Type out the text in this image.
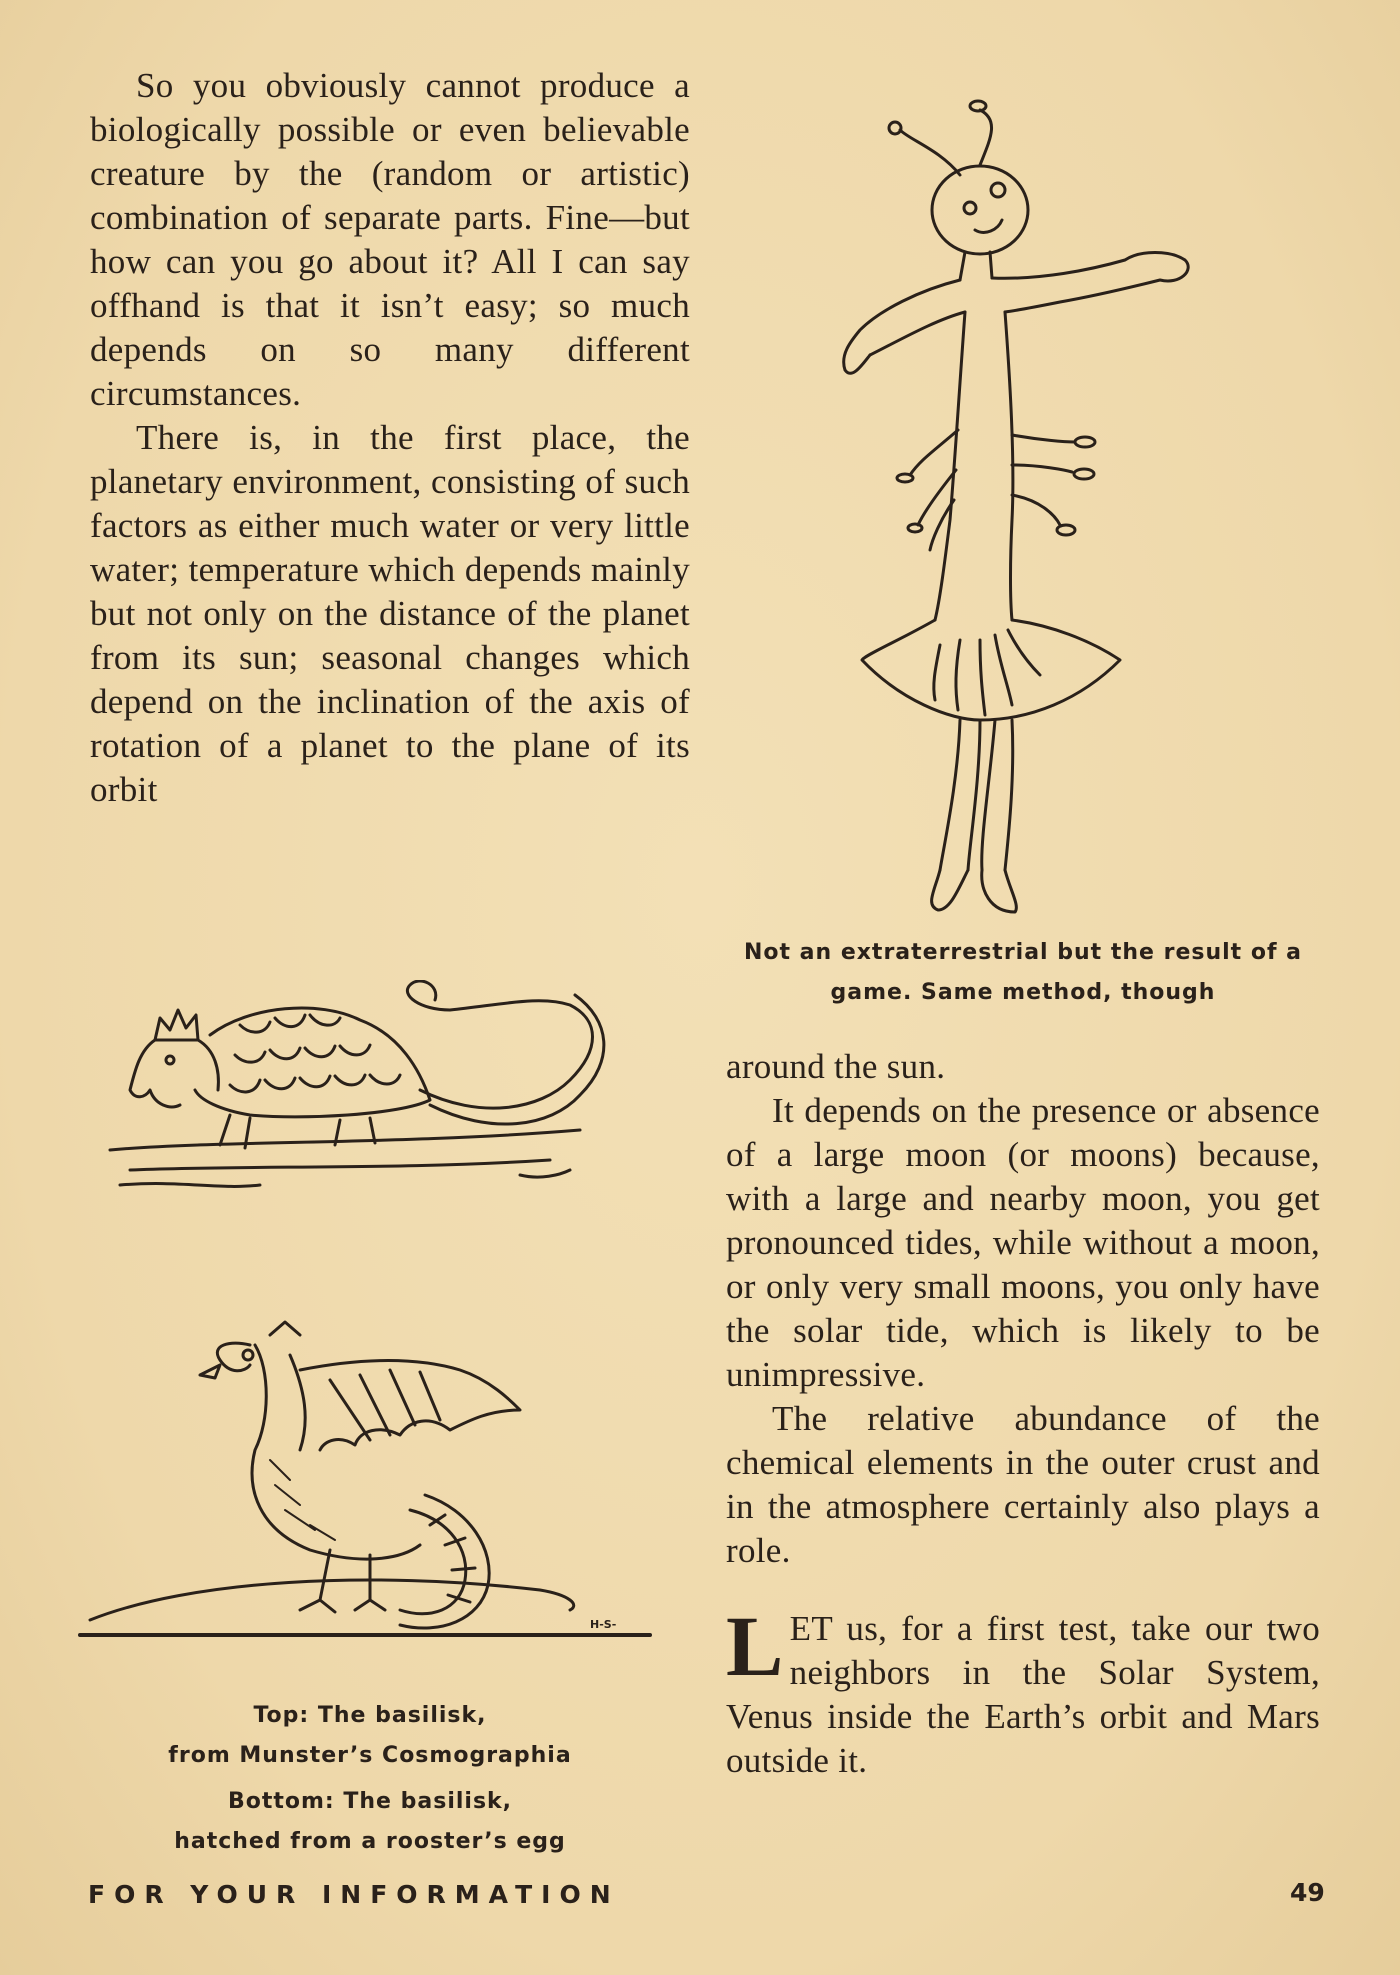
So you obviously cannot produce a biologically possible or even believable creature by the (random or artistic) combination of separate parts. Fine—but how can you go about it? All I can say offhand is that it isn’t easy; so much depends on so many different circumstances.

There is, in the first place, the planetary environment, consisting of such factors as either much water or very little water; temperature which depends mainly but not only on the distance of the planet from its sun; seasonal changes which depend on the inclination of the axis of rotation of a planet to the plane of its orbit

Not an extraterrestrial but the result of a

game. Same method, though

H-S-

Top: The basilisk,

from Munster’s Cosmographia

Bottom: The basilisk,

hatched from a rooster’s egg

around the sun.

It depends on the presence or absence of a large moon (or moons) because, with a large and nearby moon, you get pronounced tides, while without a moon, or only very small moons, you only have the solar tide, which is likely to be unimpressive.

The relative abundance of the chemical elements in the outer crust and in the atmosphere certainly also plays a role.

LET us, for a first test, take our two neighbors in the Solar System, Venus inside the Earth’s orbit and Mars outside it.

FOR YOUR INFORMATION	49
